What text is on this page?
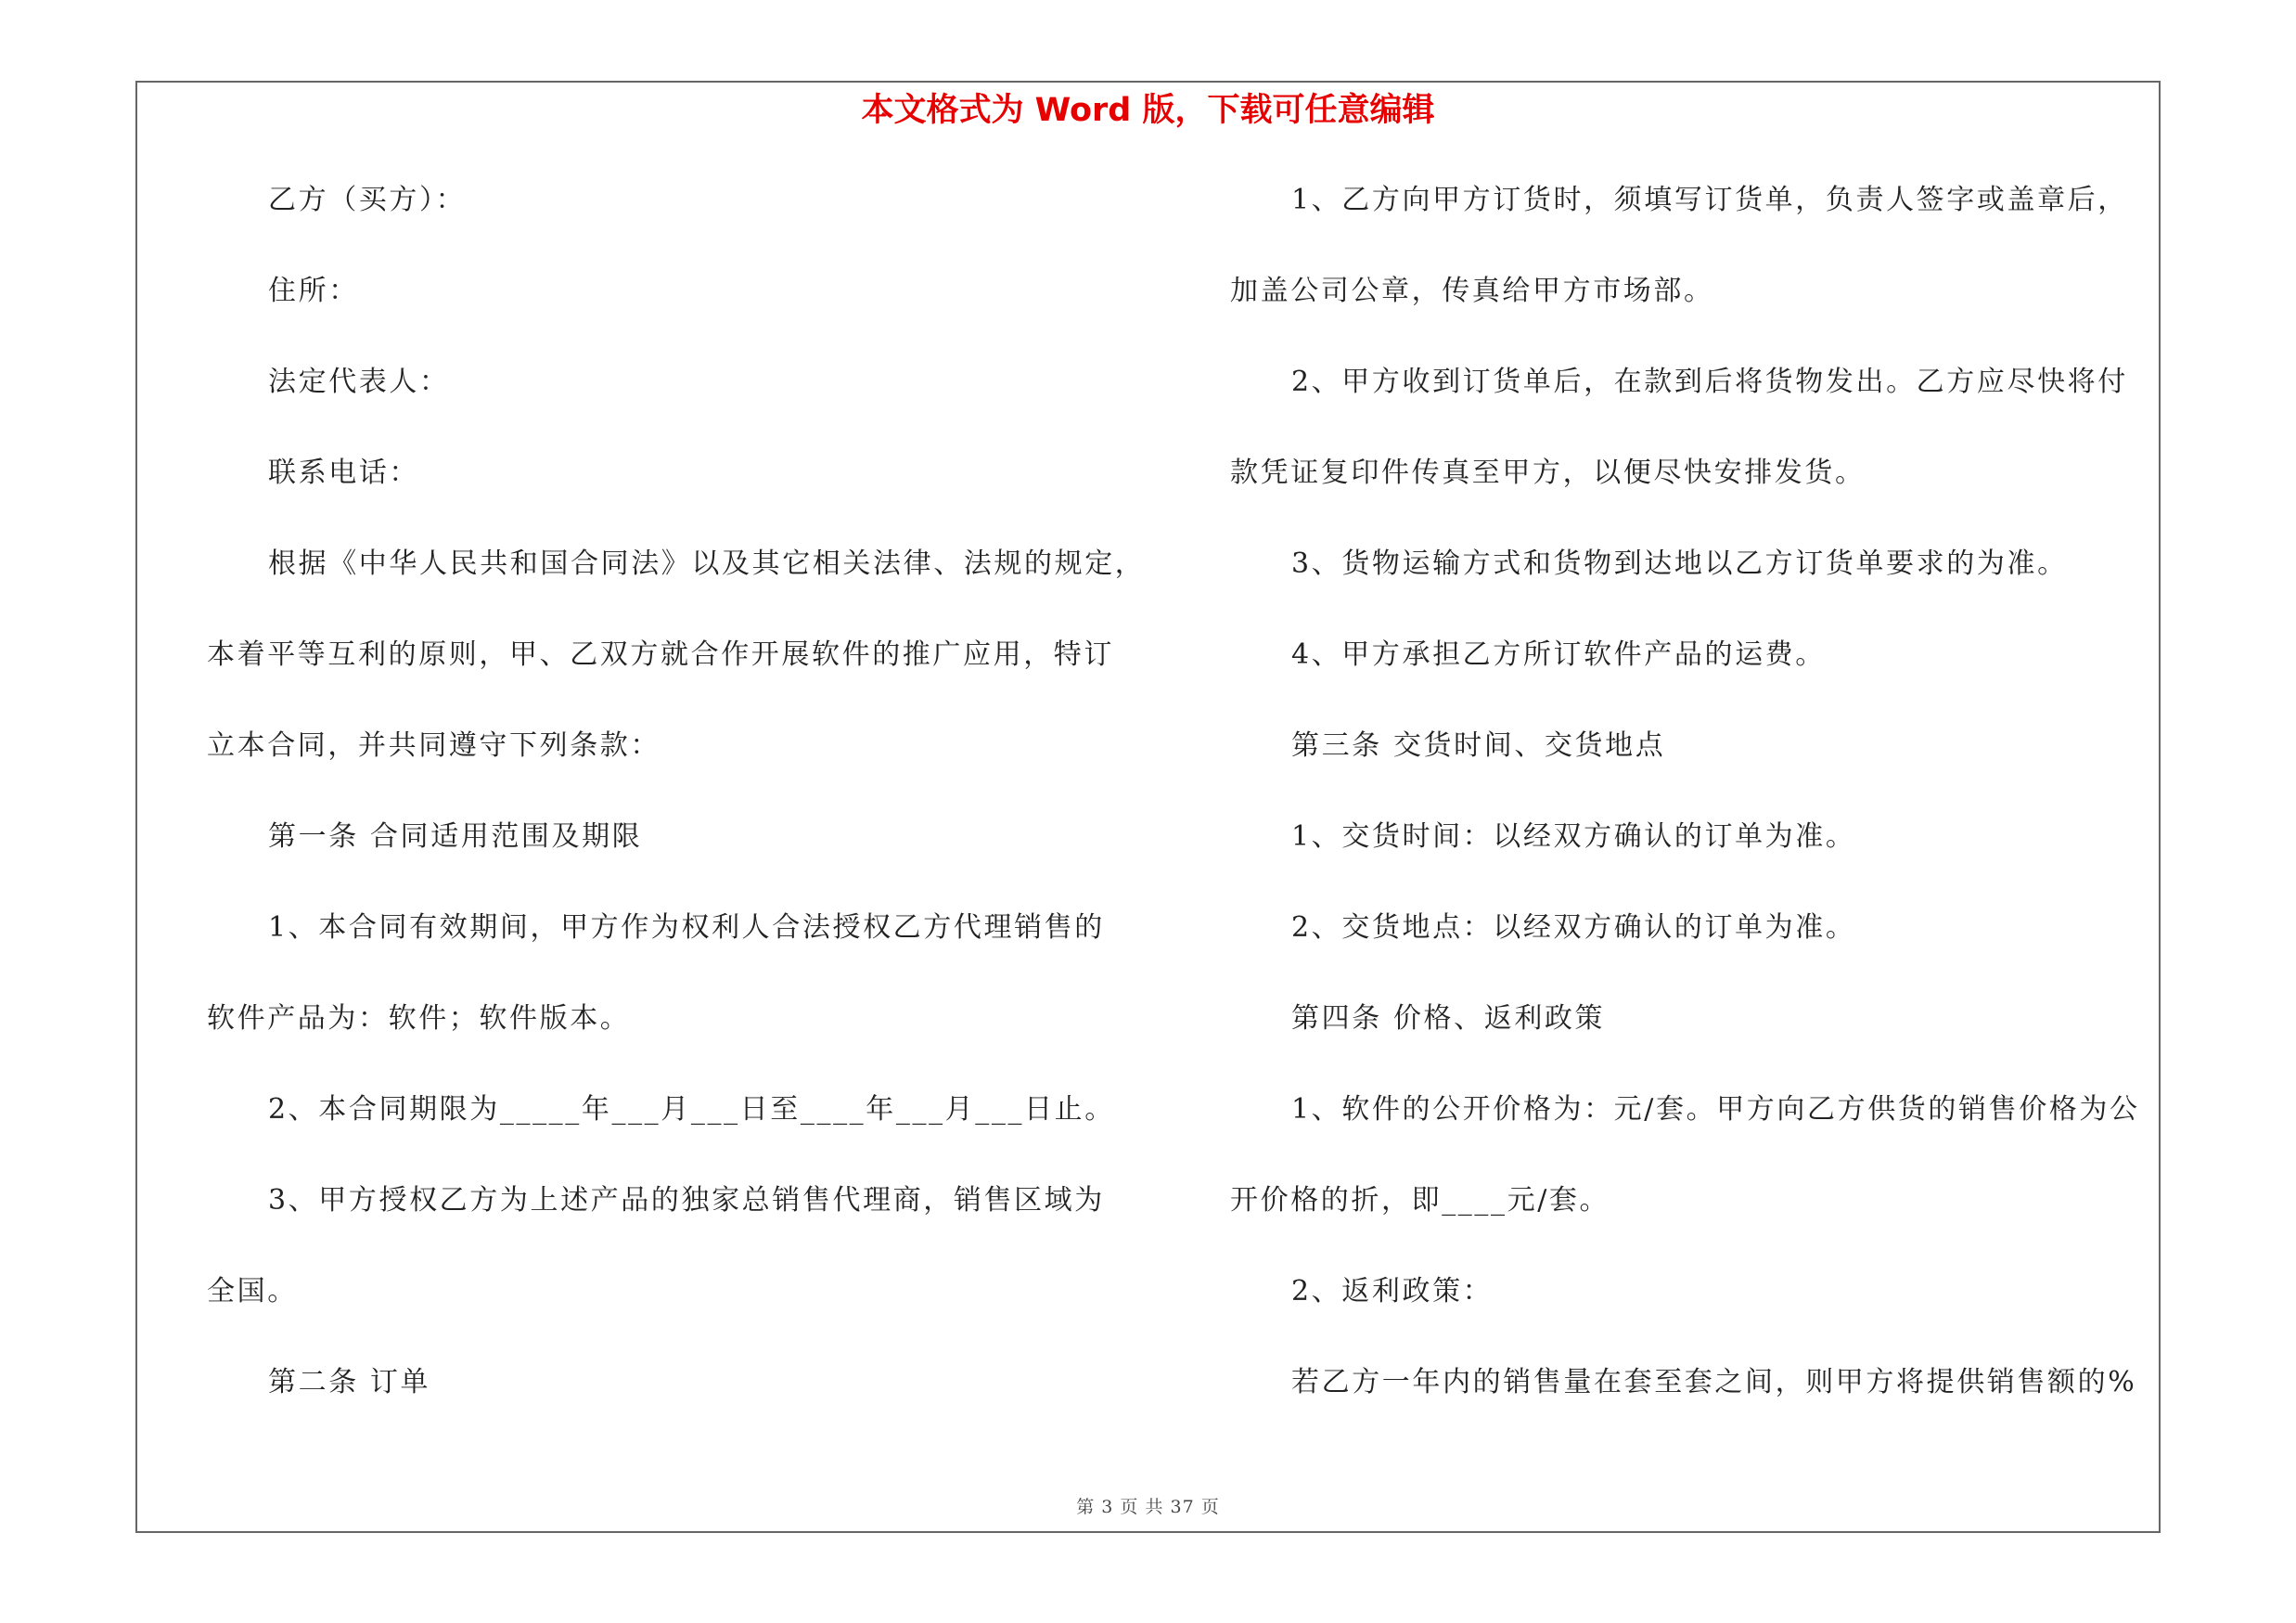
本文格式为 Word 版，下载可任意编辑
乙方（买方）：
住所：
法定代表人：
联系电话：
根据《中华人民共和国合同法》以及其它相关法律、法规的规定，
本着平等互利的原则，甲、乙双方就合作开展软件的推广应用，特订
立本合同，并共同遵守下列条款：
第一条 合同适用范围及期限
1、本合同有效期间，甲方作为权利人合法授权乙方代理销售的
软件产品为：软件；软件版本。
2、本合同期限为_____年___月___日至____年___月___日止。
3、甲方授权乙方为上述产品的独家总销售代理商，销售区域为
全国。
第二条 订单
1、乙方向甲方订货时，须填写订货单，负责人签字或盖章后，
加盖公司公章，传真给甲方市场部。
2、甲方收到订货单后，在款到后将货物发出。乙方应尽快将付
款凭证复印件传真至甲方，以便尽快安排发货。
3、货物运输方式和货物到达地以乙方订货单要求的为准。
4、甲方承担乙方所订软件产品的运费。
第三条 交货时间、交货地点
1、交货时间：以经双方确认的订单为准。
2、交货地点：以经双方确认的订单为准。
第四条 价格、返利政策
1、软件的公开价格为：元/套。甲方向乙方供货的销售价格为公
开价格的折，即____元/套。
2、返利政策：
若乙方一年内的销售量在套至套之间，则甲方将提供销售额的%
第 3 页 共 37 页
